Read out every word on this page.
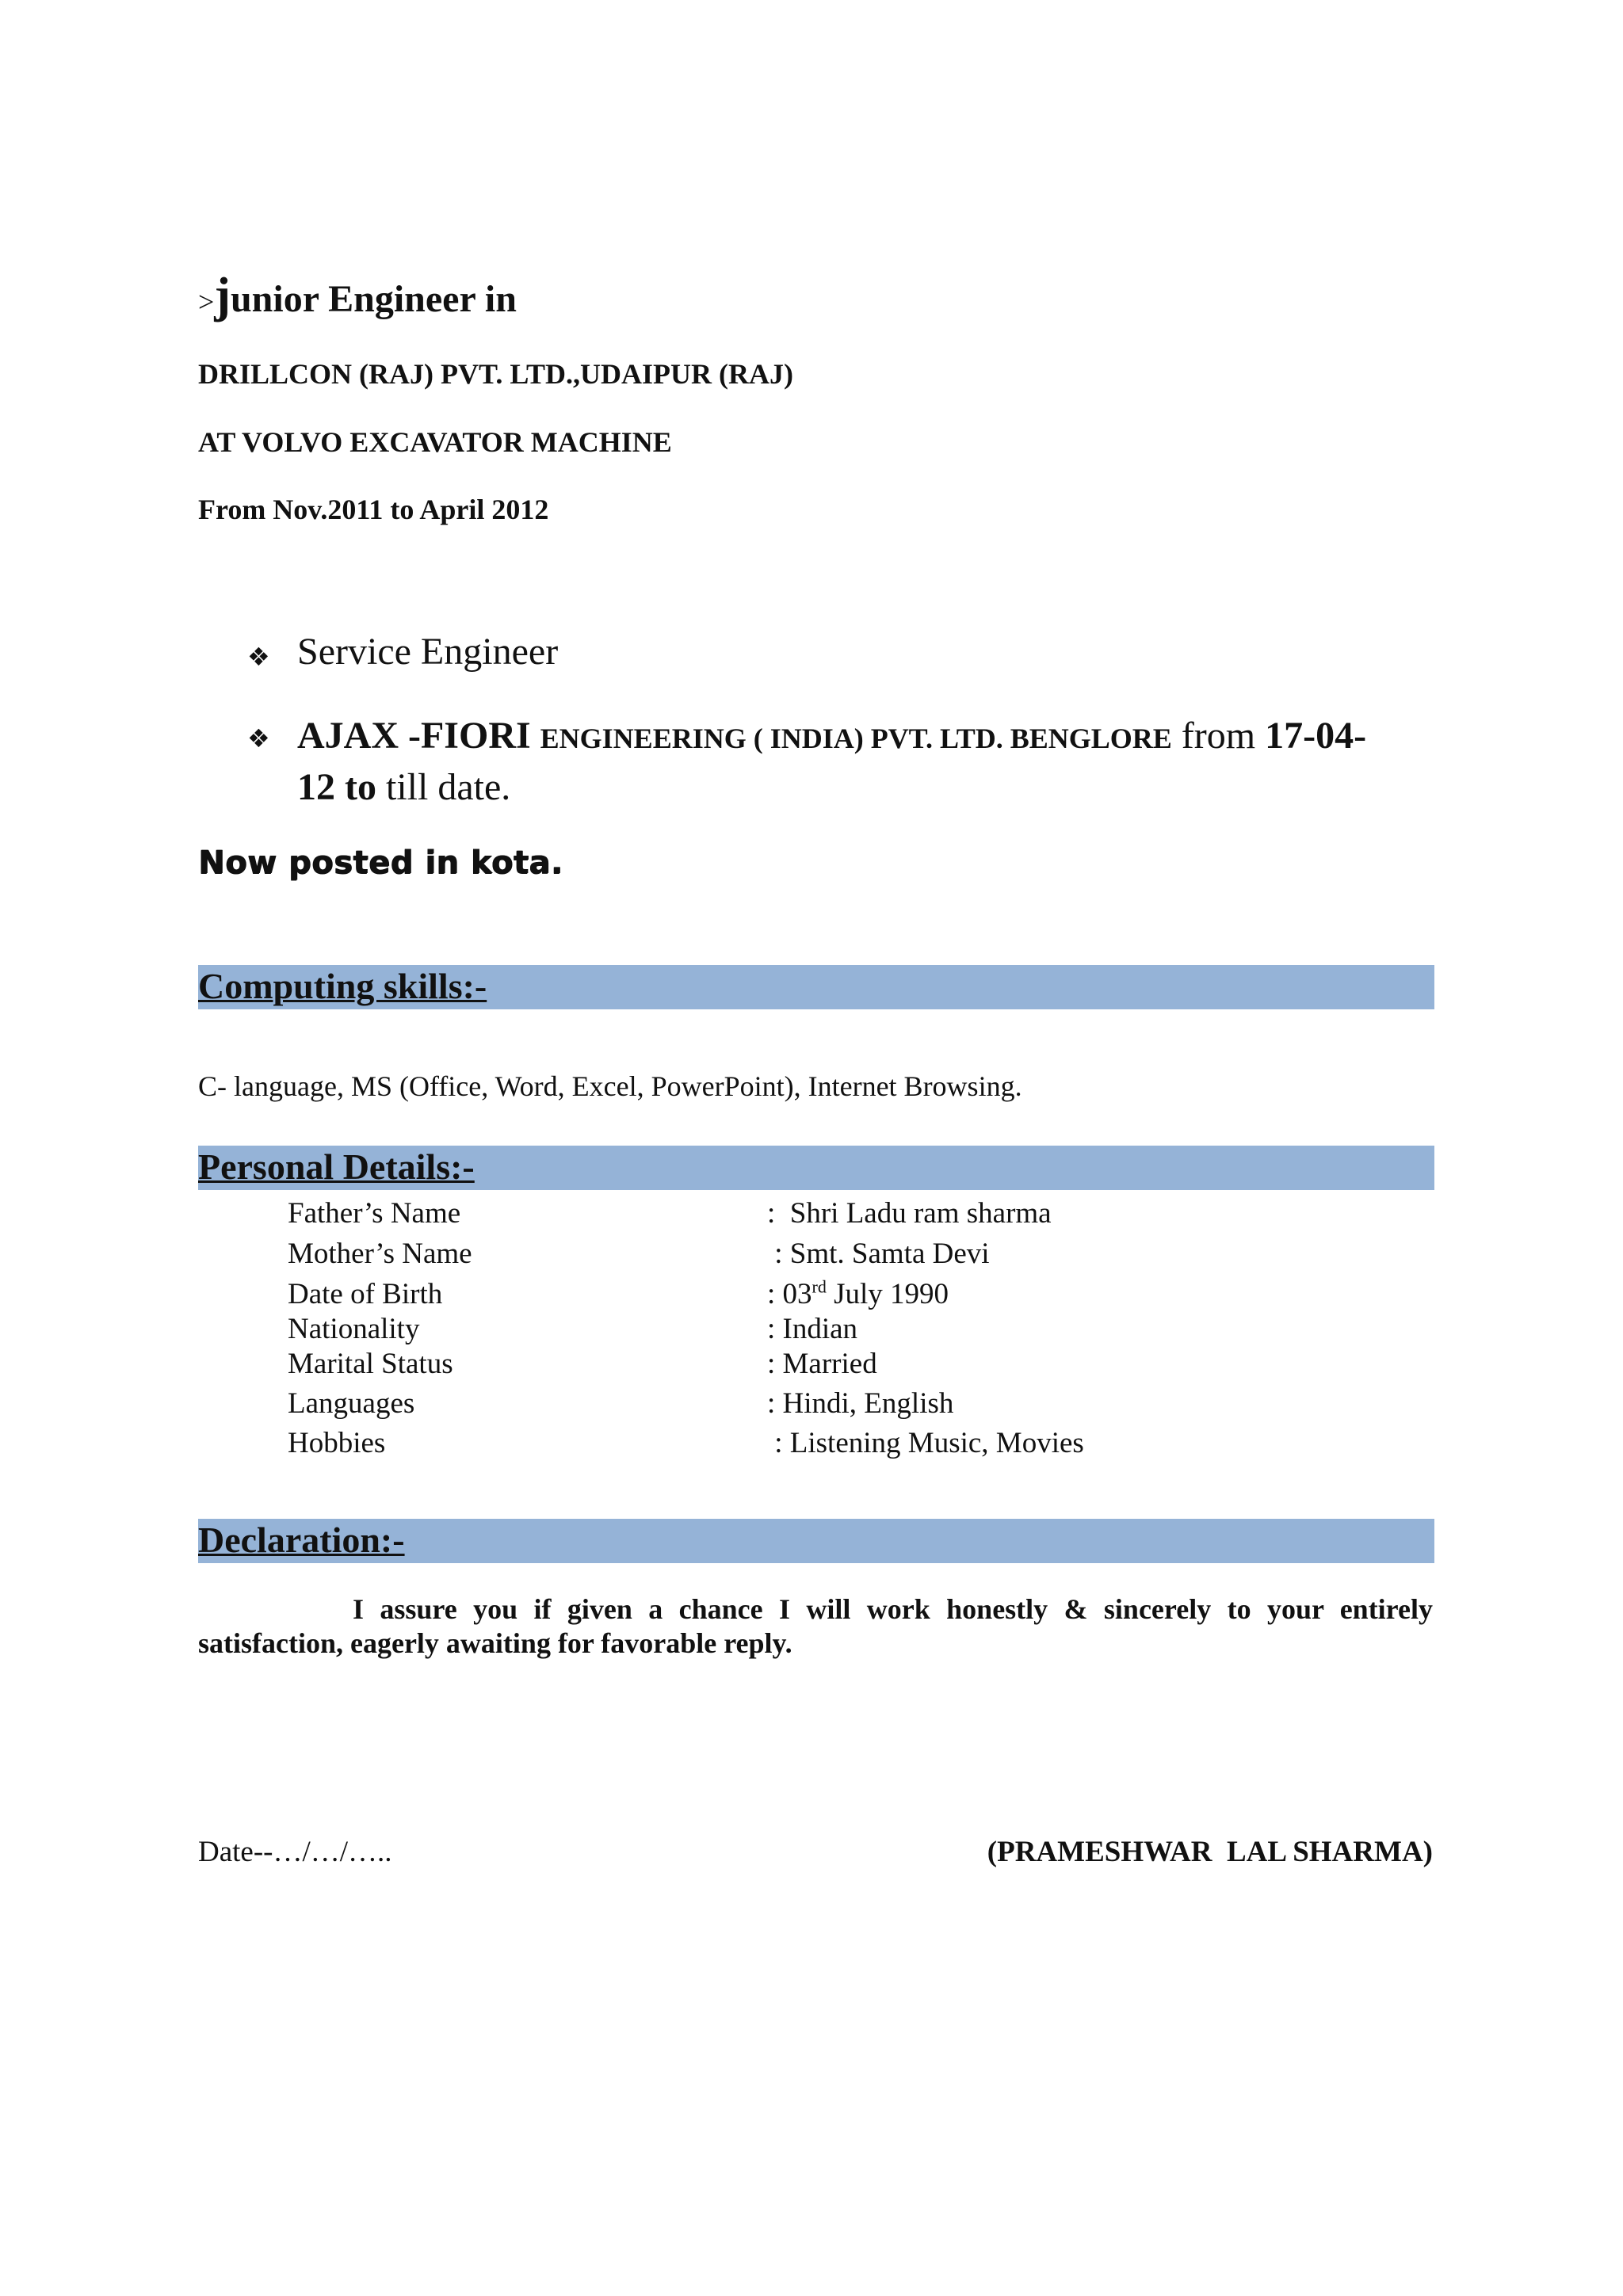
>junior Engineer in
DRILLCON (RAJ) PVT. LTD.,UDAIPUR (RAJ)
AT VOLVO EXCAVATOR MACHINE
From Nov.2011 to April 2012
❖ Service Engineer
❖ AJAX -FIORI ENGINEERING ( INDIA) PVT. LTD. BENGLORE from 17-04-
12 to till date.
Now posted in kota.
Computing skills:-
C- language, MS (Office, Word, Excel, PowerPoint), Internet Browsing.
Personal Details:-
Father’s Name	:  Shri Ladu ram sharma
Mother’s Name	: Smt. Samta Devi
Date of Birth	: 03rd July 1990
Nationality	: Indian
Marital Status	: Married
Languages	: Hindi, English
Hobbies	: Listening Music, Movies
Declaration:-
I assure you if given a chance I will work honestly & sincerely to your entirely satisfaction, eagerly awaiting for favorable reply.
Date--…/…/…..	(PRAMESHWAR  LAL SHARMA)
